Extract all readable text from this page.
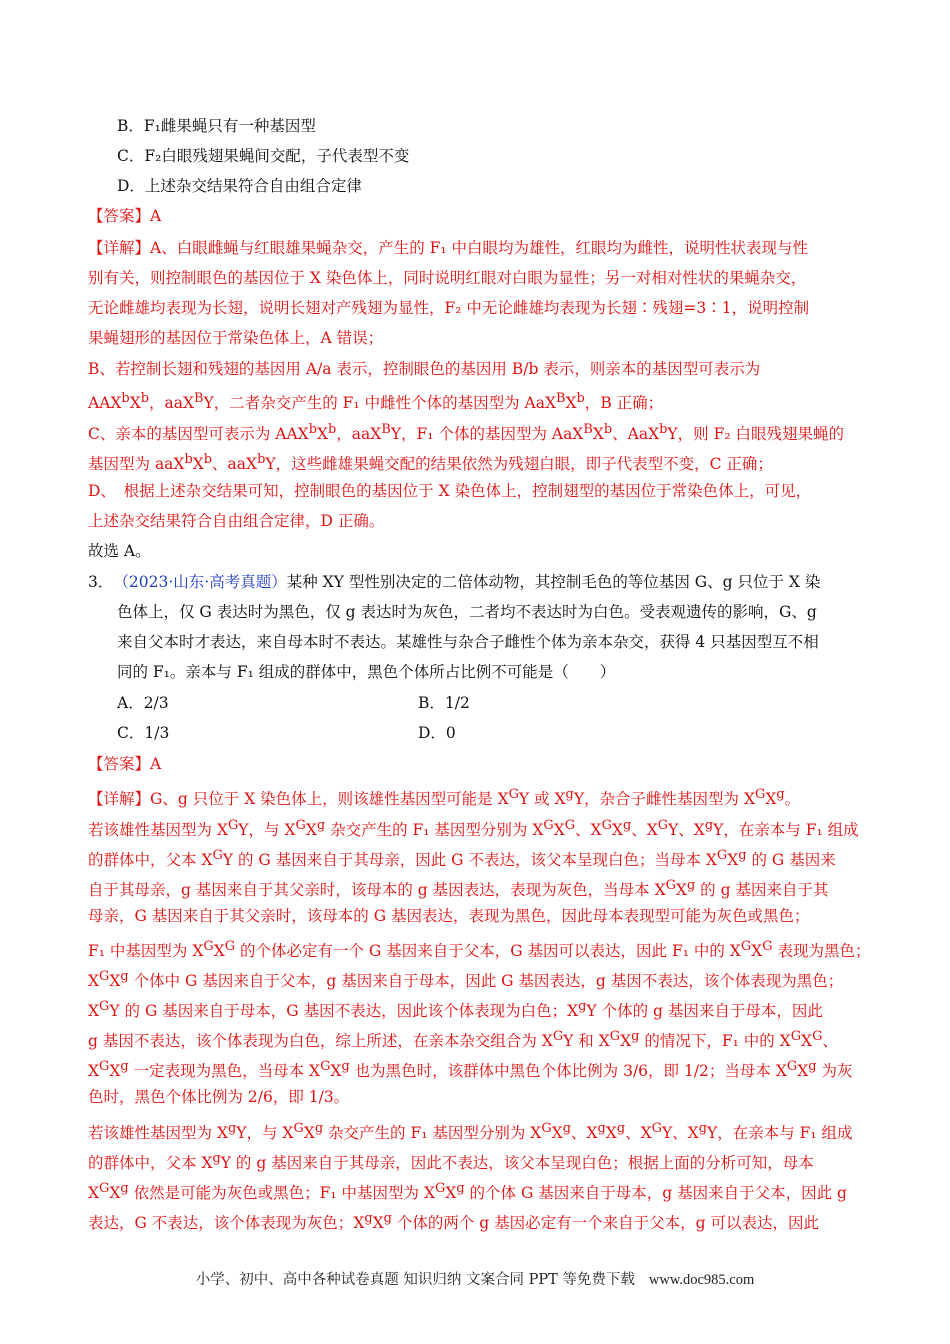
B．F₁雌果蝇只有一种基因型
C．F₂白眼残翅果蝇间交配，子代表型不变
D．上述杂交结果符合自由组合定律
【答案】A
【详解】A、白眼雌蝇与红眼雄果蝇杂交，产生的 F₁ 中白眼均为雄性，红眼均为雌性，说明性状表现与性
别有关，则控制眼色的基因位于 X 染色体上，同时说明红眼对白眼为显性；另一对相对性状的果蝇杂交，
无论雌雄均表现为长翅，说明长翅对产残翅为显性，F₂ 中无论雌雄均表现为长翅∶残翅=3∶1，说明控制
果蝇翅形的基因位于常染色体上，A 错误；
B、若控制长翅和残翅的基因用 A/a 表示，控制眼色的基因用 B/b 表示，则亲本的基因型可表示为
$AAX^bX^b$，aaX$^B$Y，二者杂交产生的 F₁ 中雌性个体的基因型为 $AaX^BX^b$，B 正确；
C、亲本的基因型可表示为 $AAX^bX^b$，aaX$^B$Y，F₁ 个体的基因型为 $AaX^BX^b$、AaX$^b$Y，则 F₂ 白眼残翅果蝇的
基因型为 $aaX^bX^b$、aaX$^b$Y，这些雌雄果蝇交配的结果依然为残翅白眼，即子代表型不变，C 正确；
D、　根据上述杂交结果可知，控制眼色的基因位于 X 染色体上，控制翅型的基因位于常染色体上，可见，
上述杂交结果符合自由组合定律，D 正确。
故选 A。
3．　 （2023·山东·高考真题）某种 XY 型性别决定的二倍体动物，其控制毛色的等位基因 G、g 只位于 X 染
色体上，仅 G 表达时为黑色，仅 g 表达时为灰色，二者均不表达时为白色。受表观遗传的影响，G、g
来自父本时才表达，来自母本时不表达。某雄性与杂合子雌性个体为亲本杂交，获得 4 只基因型互不相
同的 F₁。亲本与 F₁ 组成的群体中，黑色个体所占比例不可能是（　　）
A．2/3	B．1/2
C．1/3	D．0
【答案】A
【详解】G、g 只位于 X 染色体上，则该雄性基因型可能是 $X^GY$ 或 $X^gY$，杂合子雌性基因型为 $X^GX^g$。
若该雄性基因型为 $X^GY$，与 $X^GX^g$ 杂交产生的 F₁ 基因型分别为 $X^GX^G$、$X^GX^g$、$X^GY$、$X^gY$，在亲本与 F₁ 组成
的群体中，父本 $X^GY$ 的 G 基因来自于其母亲，因此 G 不表达，该父本呈现白色；当母本 $X^GX^g$ 的 G 基因来
自于其母亲，g 基因来自于其父亲时，该母本的 g 基因表达，表现为灰色，当母本 $X^GX^g$ 的 g 基因来自于其
母亲，G 基因来自于其父亲时，该母本的 G 基因表达，表现为黑色，因此母本表现型可能为灰色或黑色；
F₁ 中基因型为 $X^GX^G$ 的个体必定有一个 G 基因来自于父本，G 基因可以表达，因此 F₁ 中的 $X^GX^G$ 表现为黑色；
$X^GX^g$ 个体中 G 基因来自于父本，g 基因来自于母本，因此 G 基因表达，g 基因不表达，该个体表现为黑色；
$X^GY$ 的 G 基因来自于母本，G 基因不表达，因此该个体表现为白色；$X^gY$ 个体的 g 基因来自于母本，因此
g 基因不表达，该个体表现为白色，综上所述，在亲本杂交组合为 $X^GY$ 和 $X^GX^g$ 的情况下，F₁ 中的 $X^GX^G$、
$X^GX^g$ 一定表现为黑色，当母本 $X^GX^g$ 也为黑色时，该群体中黑色个体比例为 3/6，即 1/2；当母本 $X^GX^g$ 为灰
色时，黑色个体比例为 2/6，即 1/3。
若该雄性基因型为 $X^gY$，与 $X^GX^g$ 杂交产生的 F₁ 基因型分别为 $X^GX^g$、$X^gX^g$、$X^GY$、$X^gY$，在亲本与 F₁ 组成
的群体中，父本 $X^gY$ 的 g 基因来自于其母亲，因此不表达，该父本呈现白色；根据上面的分析可知，母本
$X^GX^g$ 依然是可能为灰色或黑色；F₁ 中基因型为 $X^GX^g$ 的个体 G 基因来自于母本，g 基因来自于父本，因此 g
表达，G 不表达，该个体表现为灰色；$X^gX^g$ 个体的两个 g 基因必定有一个来自于父本，g 可以表达，因此
小学、初中、高中各种试卷真题 知识归纳 文案合同 PPT 等免费下载 www.doc985.com
